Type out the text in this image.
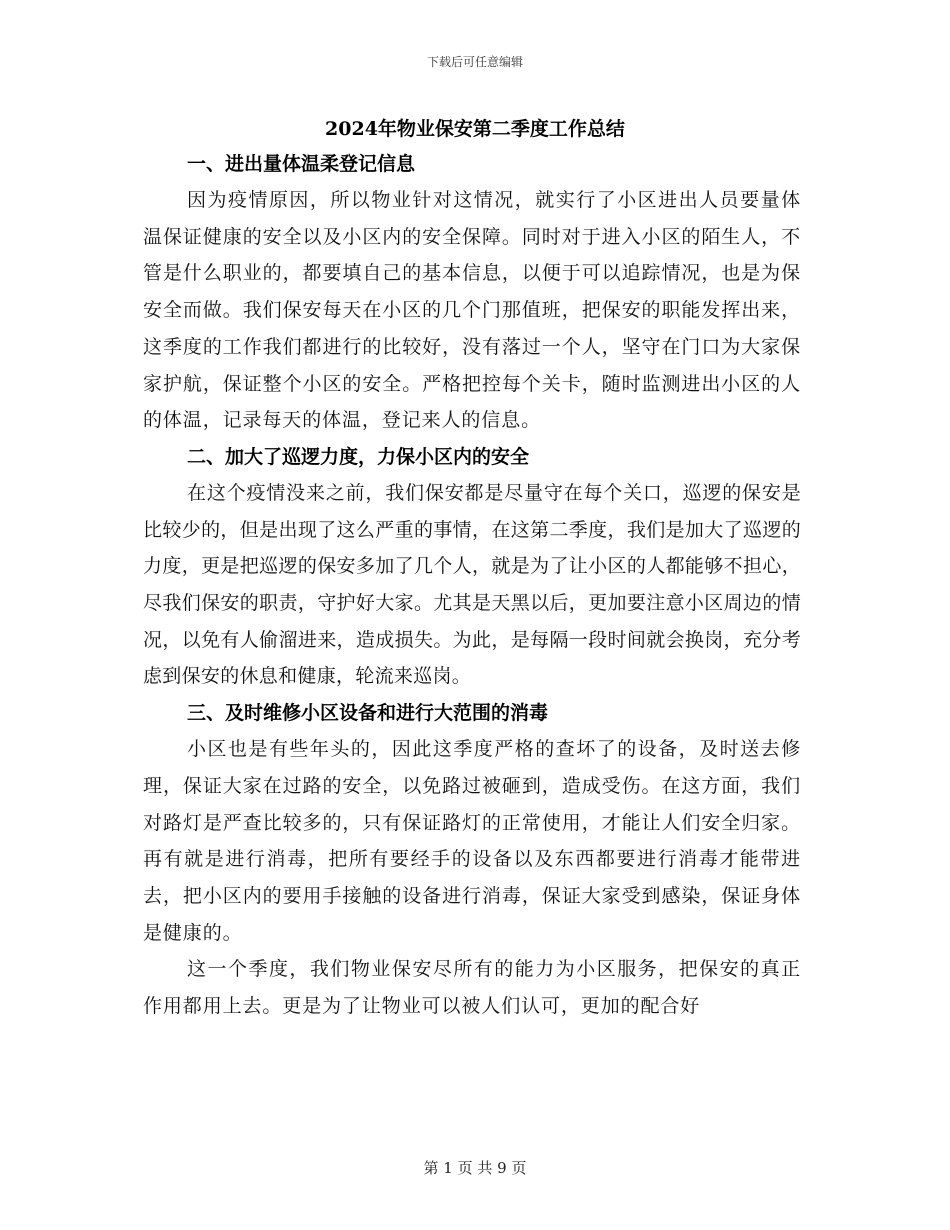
下载后可任意编辑
2024年物业保安第二季度工作总结
一、进出量体温柔登记信息

因为疫情原因，所以物业针对这情况，就实行了小区进出人员要量体温保证健康的安全以及小区内的安全保障。同时对于进入小区的陌生人，不管是什么职业的，都要填自己的基本信息，以便于可以追踪情况，也是为保安全而做。我们保安每天在小区的几个门那值班，把保安的职能发挥出来，这季度的工作我们都进行的比较好，没有落过一个人，坚守在门口为大家保家护航，保证整个小区的安全。严格把控每个关卡，随时监测进出小区的人的体温，记录每天的体温，登记来人的信息。

二、加大了巡逻力度，力保小区内的安全

在这个疫情没来之前，我们保安都是尽量守在每个关口，巡逻的保安是比较少的，但是出现了这么严重的事情，在这第二季度，我们是加大了巡逻的力度，更是把巡逻的保安多加了几个人，就是为了让小区的人都能够不担心，尽我们保安的职责，守护好大家。尤其是天黑以后，更加要注意小区周边的情况，以免有人偷溜进来，造成损失。为此，是每隔一段时间就会换岗，充分考虑到保安的休息和健康，轮流来巡岗。

三、及时维修小区设备和进行大范围的消毒

小区也是有些年头的，因此这季度严格的查坏了的设备，及时送去修理，保证大家在过路的安全，以免路过被砸到，造成受伤。在这方面，我们对路灯是严查比较多的，只有保证路灯的正常使用，才能让人们安全归家。再有就是进行消毒，把所有要经手的设备以及东西都要进行消毒才能带进去，把小区内的要用手接触的设备进行消毒，保证大家受到感染，保证身体是健康的。

这一个季度，我们物业保安尽所有的能力为小区服务，把保安的真正作用都用上去。更是为了让物业可以被人们认可，更加的配合好

第 1 页 共 9 页
